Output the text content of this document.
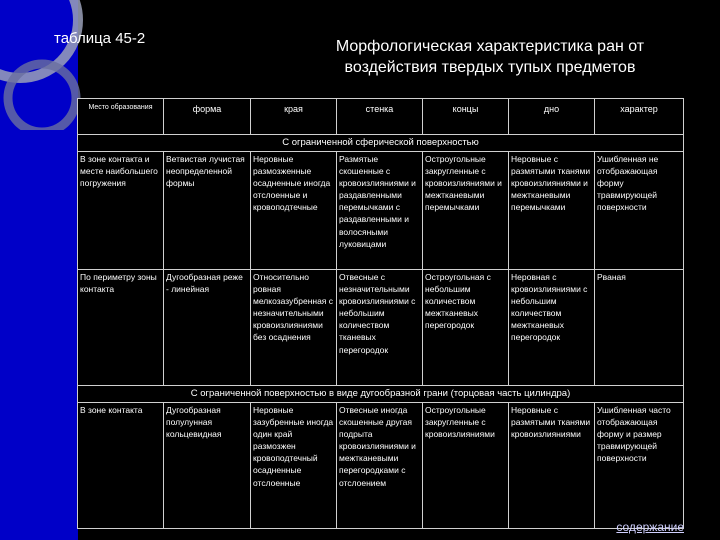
таблица 45-2	Морфологическая характеристика ран от воздействия твердых тупых предметов
Место образования	форма	края	стенка	концы	дно	характер
С ограниченной сферической поверхностью						
В зоне контакта и месте наибольшего погружения	Ветвистая лучистая неопределенной формы	Неровные размозженные осадненные иногда отслоенные и кровоподтечные	Размятые скошенные с кровоизлияниями и раздавленными перемычками с раздавленными и волосяными луковицами	Остроугольные закругленные с кровоизлияниями и межтканевыми перемычками	Неровные с размятыми тканями кровоизлияниями и межтканевыми перемычками	Ушибленная не отображающая форму травмирующей поверхности
По периметру зоны контакта	Дугообразная реже - линейная	Относительно ровная мелкозазубренная с незначительными кровоизлияниями без осаднения	Отвесные с незначительными кровоизлияниями с небольшим количеством тканевых перегородок	Остроугольная с небольшим количеством межтканевых перегородок	Неровная с кровоизлияниями с небольшим количеством межтканевых перегородок	Рваная
С ограниченной поверхностью в виде дугообразной грани (торцовая часть цилиндра)						
В зоне контакта	Дугообразная полулунная кольцевидная	Неровные зазубренные иногда один край размозжен кровоподтечный осадненные отслоенные	Отвесные иногда скошенные другая подрыта кровоизлияниями и межтканевыми перегородками с отслоением	Остроугольные закругленные с кровоизлияниями	Неровные с размятыми тканями кровоизлияниями	Ушибленная часто отображающая форму и размер травмирующей поверхности
содержание
